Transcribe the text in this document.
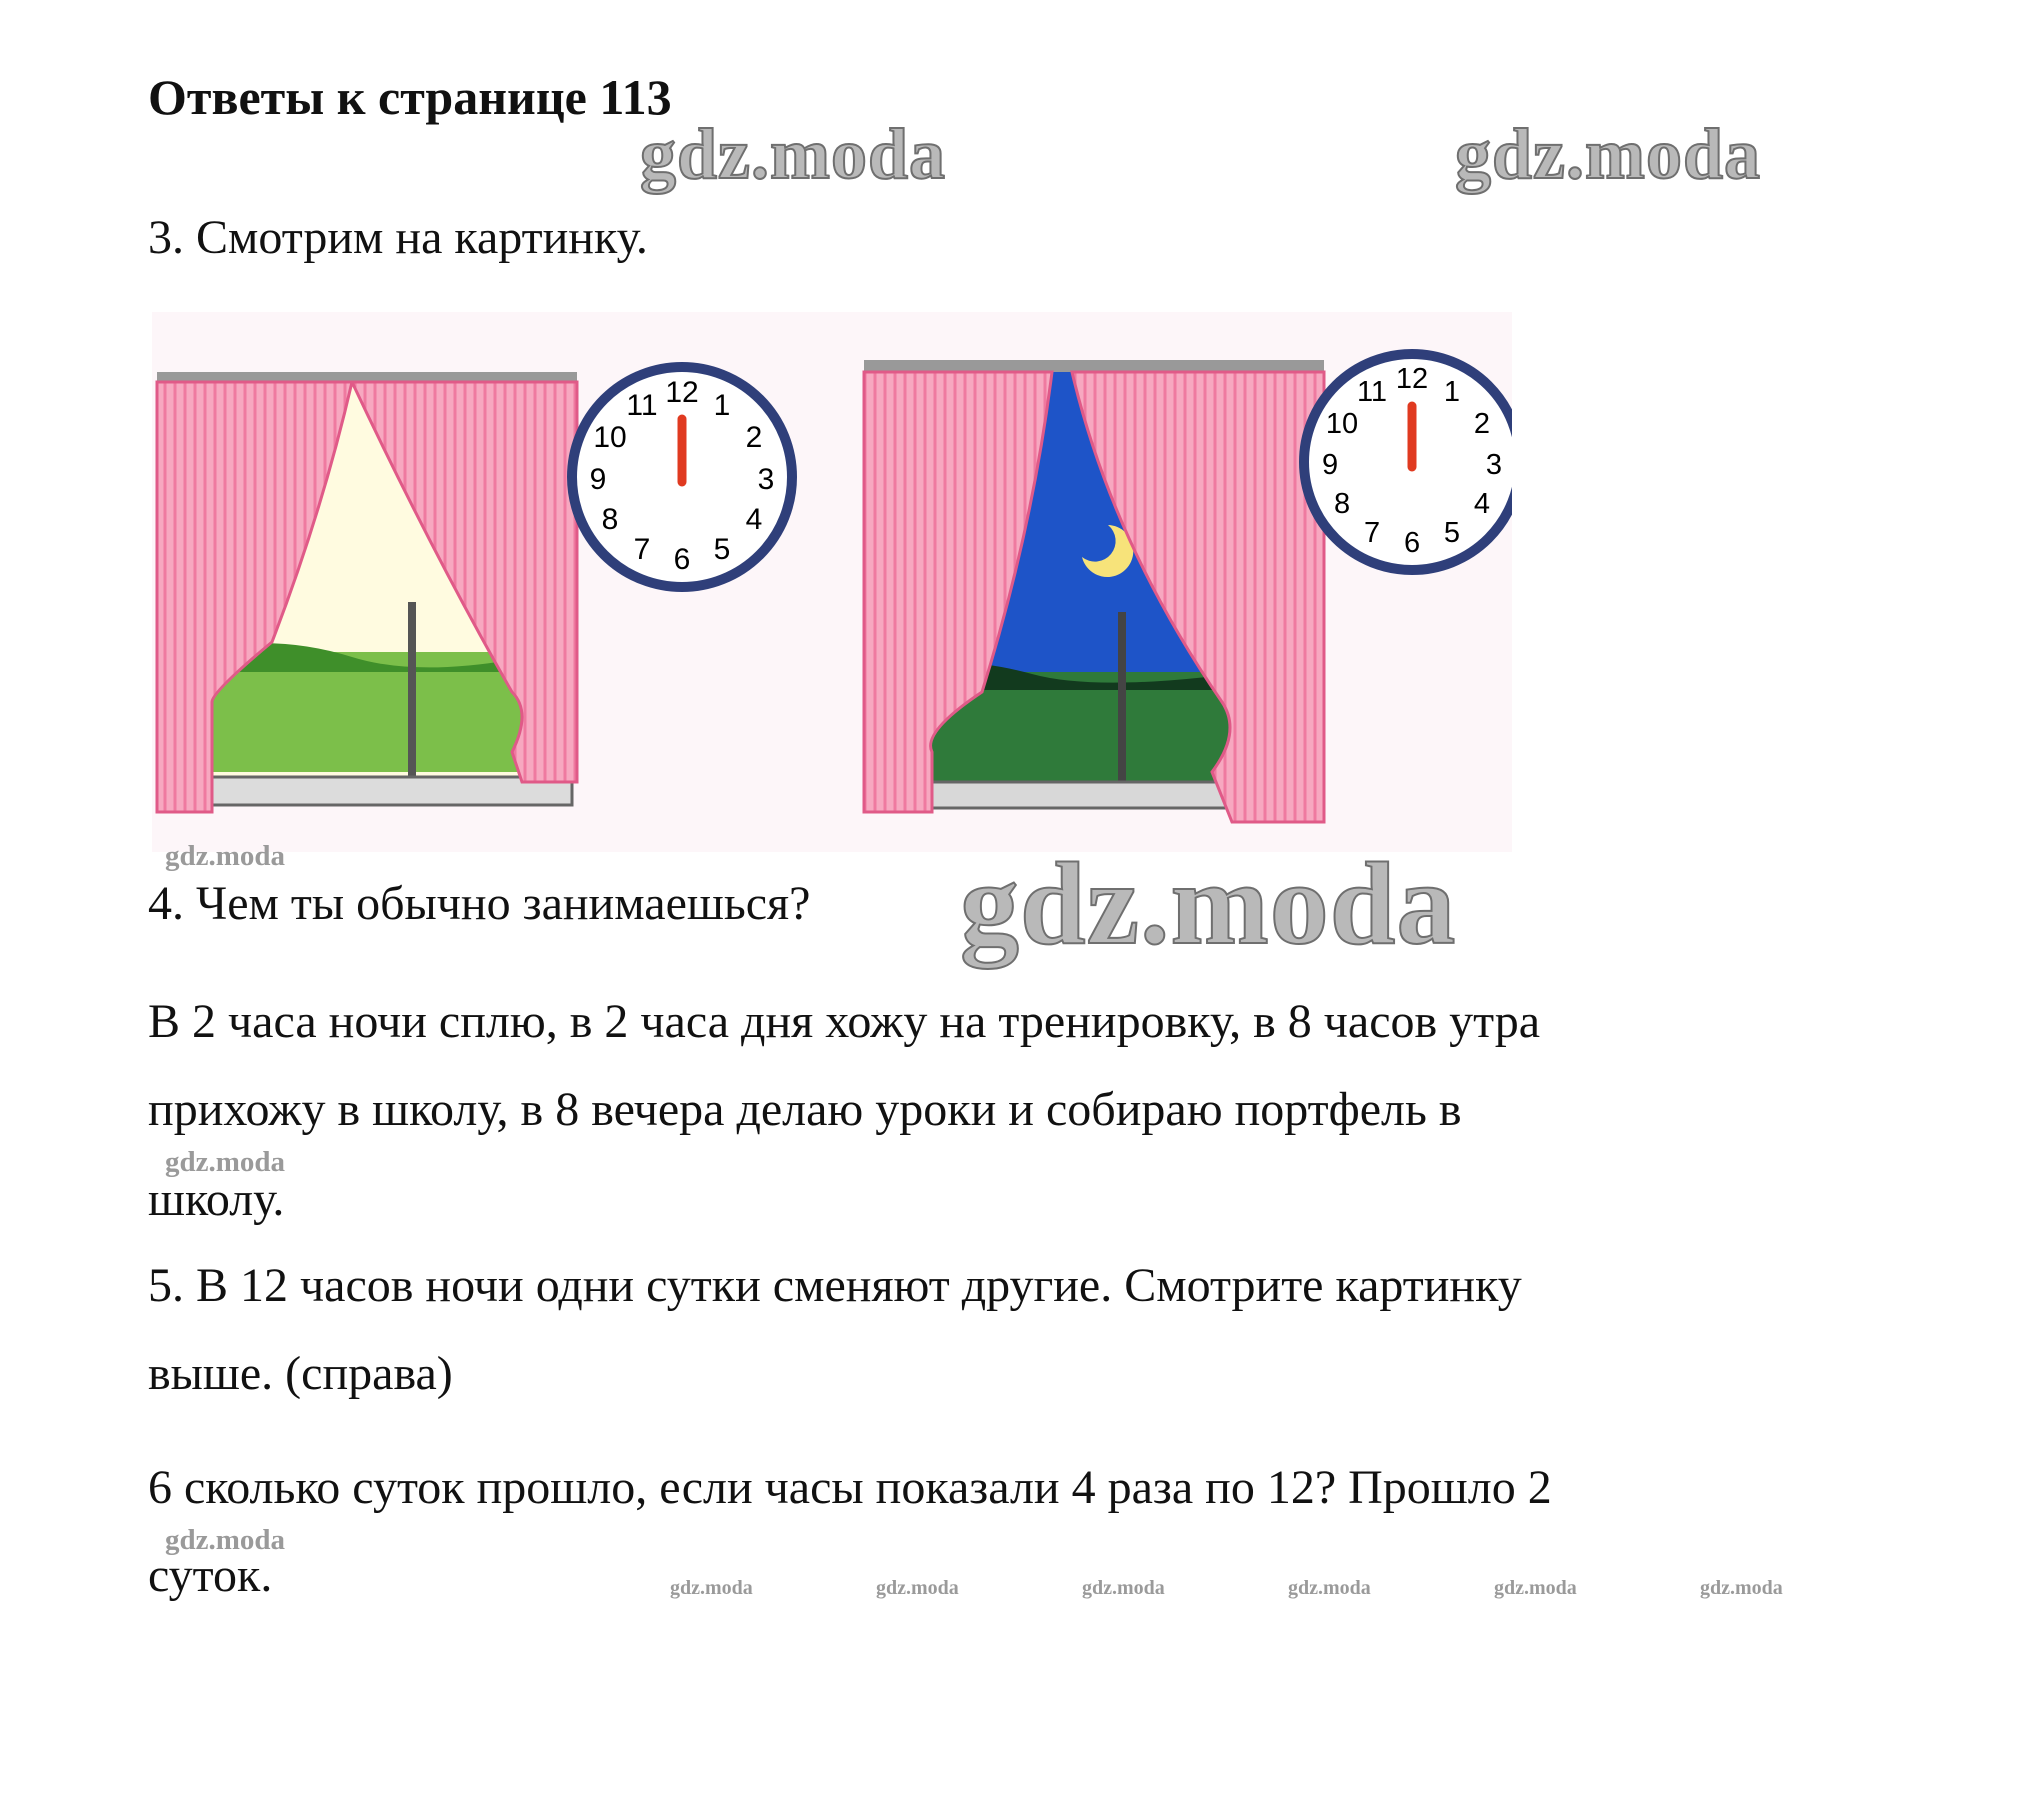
Ответы к странице 113
gdz.moda	gdz.moda
3. Смотрим на картинку.
12 1
2
3
4
5
6
7
8
9
10
11
12 1
2
3
4
5
6
7
8
9
10
11
gdz.moda
4. Чем ты обычно занимаешься? gdz.moda
В 2 часа ночи сплю, в 2 часа дня хожу на тренировку, в 8 часов утра
прихожу в школу, в 8 вечера делаю уроки и собираю портфель в
gdz.moda
школу.
5. В 12 часов ночи одни сутки сменяют другие. Смотрите картинку
выше. (справа)
6 сколько суток прошло, если часы показали 4 раза по 12? Прошло 2
gdz.moda
суток.	gdz.moda	gdz.moda	gdz.moda	gdz.moda	gdz.moda	gdz.moda
